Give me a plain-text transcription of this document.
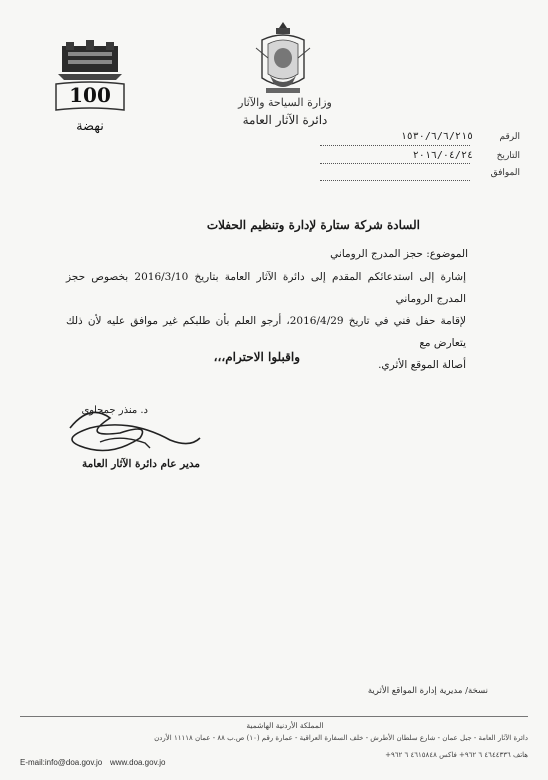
100
نهضة
وزارة السياحة والآثار
دائرة الآثار العامة
الرقم
١٥٣٠/٦/٦/٢١٥
التاريخ
٢٠١٦/٠٤/٢٤
الموافق
السادة شركة ستارة لإدارة وتنظيم الحفلات
الموضوع: حجز المدرج الروماني
إشارة إلى استدعائكم المقدم إلى دائرة الآثار العامة بتاريخ 2016/3/10 بخصوص حجز المدرج الروماني
لإقامة حفل فني في تاريخ 2016/4/29، أرجو العلم بأن طلبكم غير موافق عليه لأن ذلك يتعارض مع
أصالة الموقع الأثري.
واقبلوا الاحترام،،،
د. منذر جمحاوي
مدير عام دائرة الآثار العامة
نسخة/ مديرية إدارة المواقع الأثرية
المملكة الأردنية الهاشمية
دائرة الآثار العامة - جبل عمان - شارع سلطان الأطرش - خلف السفارة العراقية - عمارة رقم (١٠) ص.ب ٨٨ - عمان ١١١١٨ الأردن
هاتف ٤٦٤٤٣٣٦ ٦ ٩٦٢+ فاكس ٤٦١٥٨٤٨ ٦ ٩٦٢+
E-mail:info@doa.gov.jo www.doa.gov.jo
